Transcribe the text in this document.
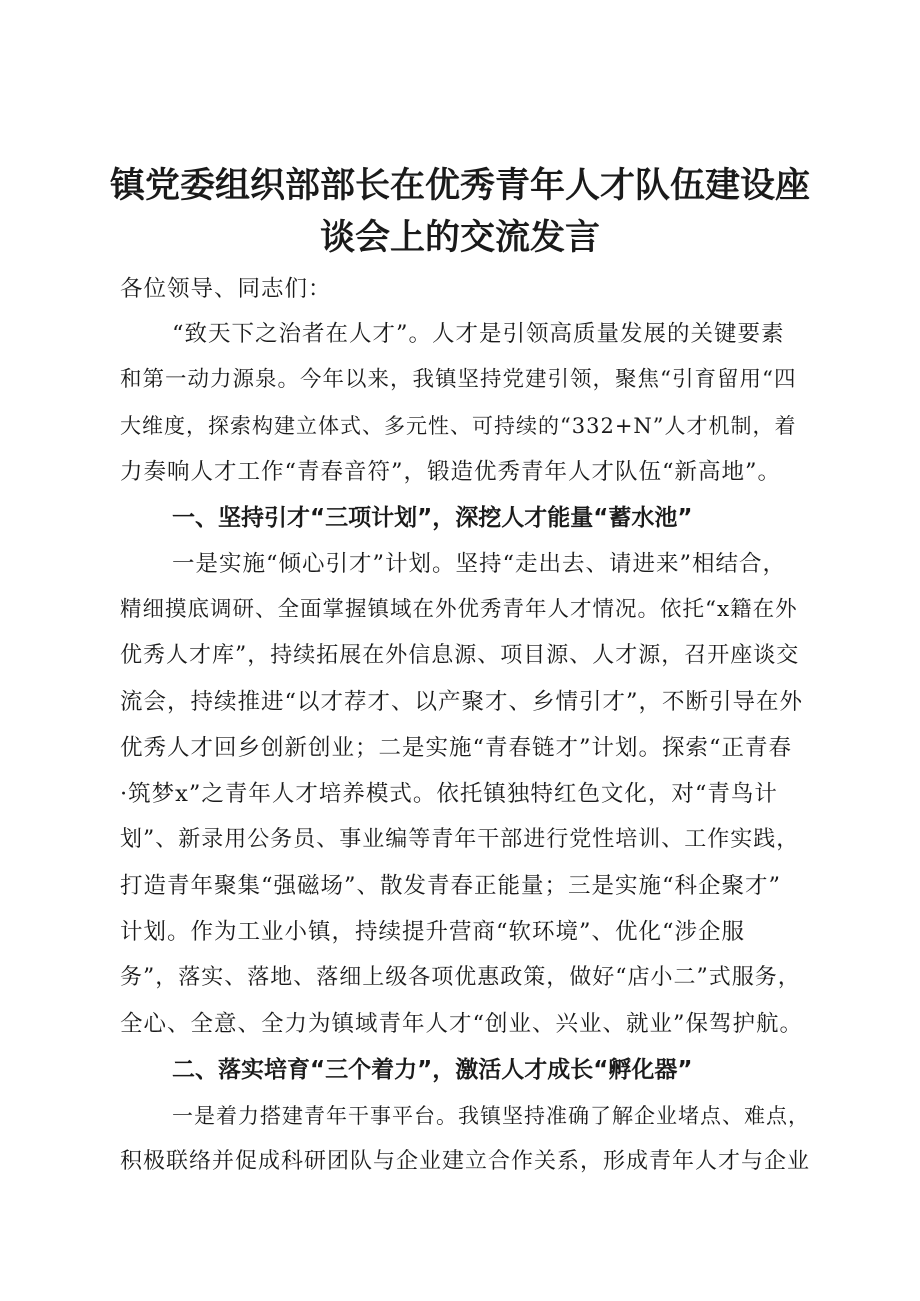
镇党委组织部部长在优秀青年人才队伍建设座
谈会上的交流发言

各位领导、同志们：

“致天下之治者在人才”。人才是引领高质量发展的关键要素

和第一动力源泉。今年以来，我镇坚持党建引领，聚焦“引育留用“四

大维度，探索构建立体式、多元性、可持续的“332+N”人才机制，着

力奏响人才工作“青春音符”，锻造优秀青年人才队伍“新高地”。

一、坚持引才“三项计划”，深挖人才能量“蓄水池”

一是实施“倾心引才”计划。坚持“走出去、请进来”相结合，

精细摸底调研、全面掌握镇域在外优秀青年人才情况。依托“x籍在外

优秀人才库”，持续拓展在外信息源、项目源、人才源，召开座谈交

流会，持续推进“以才荐才、以产聚才、乡情引才”，不断引导在外

优秀人才回乡创新创业；二是实施“青春链才”计划。探索“正青春

·筑梦x”之青年人才培养模式。依托镇独特红色文化，对“青鸟计

划”、新录用公务员、事业编等青年干部进行党性培训、工作实践，

打造青年聚集“强磁场”、散发青春正能量；三是实施“科企聚才”

计划。作为工业小镇，持续提升营商“软环境”、优化“涉企服

务”，落实、落地、落细上级各项优惠政策，做好“店小二”式服务，

全心、全意、全力为镇域青年人才“创业、兴业、就业”保驾护航。

二、落实培育“三个着力”，激活人才成长“孵化器”

一是着力搭建青年干事平台。我镇坚持准确了解企业堵点、难点，

积极联络并促成科研团队与企业建立合作关系，形成青年人才与企业
